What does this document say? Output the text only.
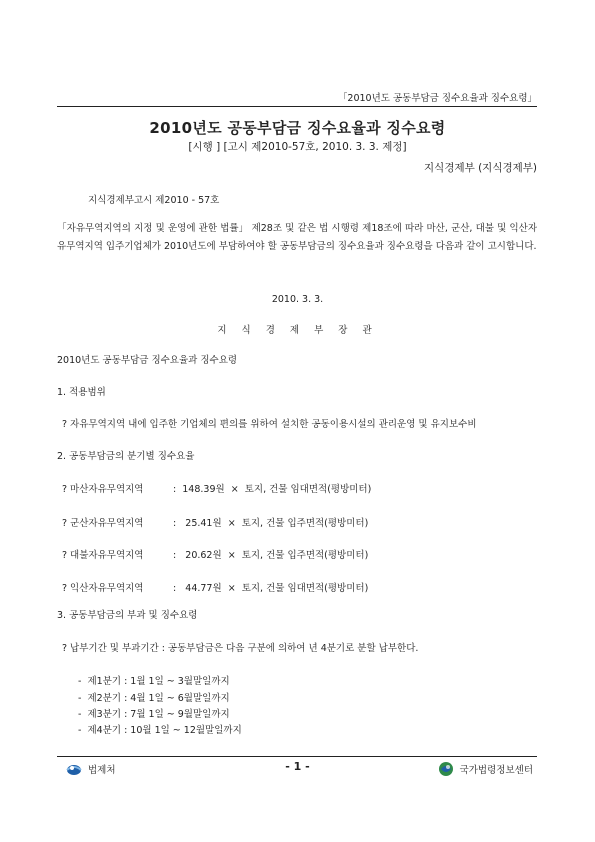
「2010년도 공동부담금 징수요율과 징수요령」
2010년도 공동부담금 징수요율과 징수요령
[시행 ] [고시 제2010-57호, 2010. 3. 3. 제정]
지식경제부 (지식경제부)
지식경제부고시 제2010 - 57호
「자유무역지역의 지정 및 운영에 관한 법률」 제28조 및 같은 법 시행령 제18조에 따라 마산, 군산, 대불 및 익산자유무역지역 입주기업체가 2010년도에 부담하여야 할 공동부담금의 징수요율과 징수요령을 다음과 같이 고시합니다.
2010. 3. 3.
지 식 경 제 부 장 관
2010년도 공동부담금 징수요율과 징수요령
1. 적용범위
? 자유무역지역 내에 입주한 기업체의 편의를 위하여 설치한 공동이용시설의 관리운영 및 유지보수비
2. 공동부담금의 분기별 징수요율
? 마산자유무역지역	:  148.39원  ×  토지, 건물 임대면적(평방미터)
? 군산자유무역지역	:   25.41원  ×  토지, 건물 입주면적(평방미터)
? 대불자유무역지역	:   20.62원  ×  토지, 건물 입주면적(평방미터)
? 익산자유무역지역	:   44.77원  ×  토지, 건물 임대면적(평방미터)
3. 공동부담금의 부과 및 징수요령
? 납부기간 및 부과기간 : 공동부담금은 다음 구분에 의하여 년 4분기로 분할 납부한다.
-  제1분기 : 1월 1일 ~ 3월말일까지
-  제2분기 : 4월 1일 ~ 6월말일까지
-  제3분기 : 7월 1일 ~ 9월말일까지
-  제4분기 : 10월 1일 ~ 12월말일까지
법제처	- 1 -	국가법령정보센터
